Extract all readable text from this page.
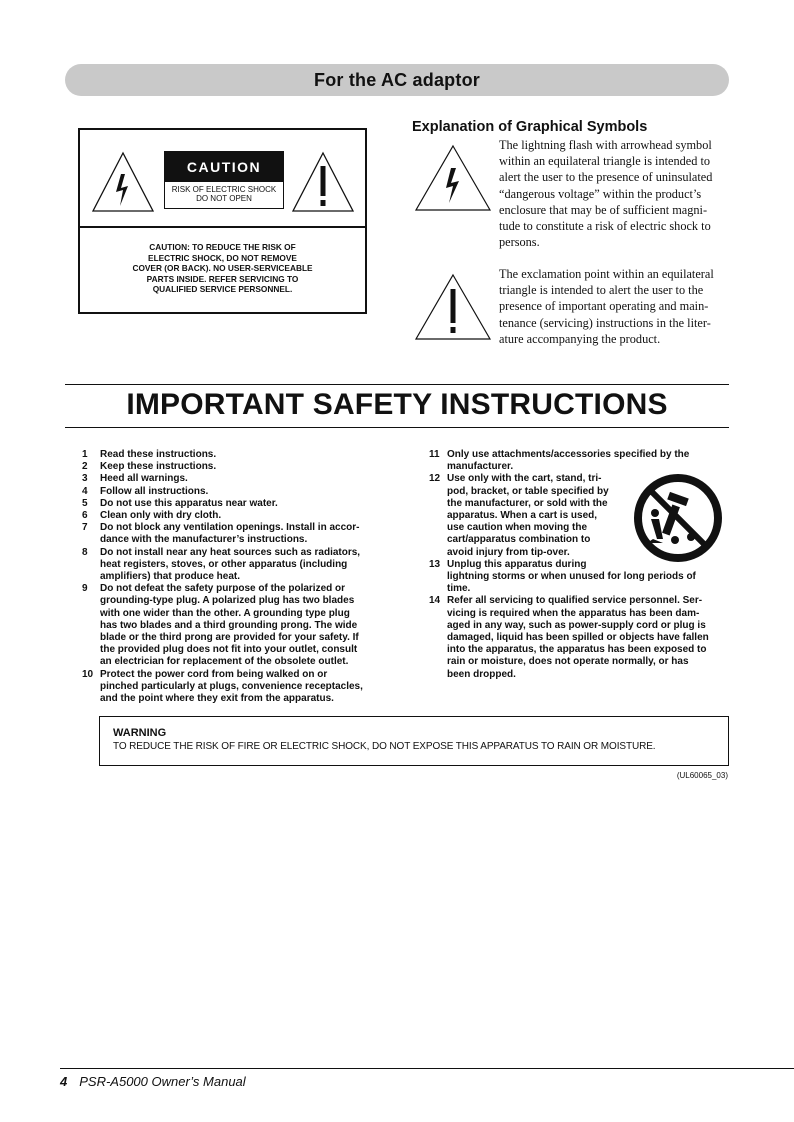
For the AC adaptor
CAUTION
RISK OF ELECTRIC SHOCK
DO NOT OPEN
CAUTION: TO REDUCE THE RISK OF
ELECTRIC SHOCK, DO NOT REMOVE
COVER (OR BACK). NO USER-SERVICEABLE
PARTS INSIDE. REFER SERVICING TO
QUALIFIED SERVICE PERSONNEL.
Explanation of Graphical Symbols
The lightning flash with arrowhead symbol
within an equilateral triangle is intended to
alert the user to the presence of uninsulated
“dangerous voltage” within the product’s
enclosure that may be of sufficient magni-
tude to constitute a risk of electric shock to
persons.
The exclamation point within an equilateral
triangle is intended to alert the user to the
presence of important operating and main-
tenance (servicing) instructions in the liter-
ature accompanying the product.
IMPORTANT SAFETY INSTRUCTIONS
1	Read these instructions.
2	Keep these instructions.
3	Heed all warnings.
4	Follow all instructions.
5	Do not use this apparatus near water.
6	Clean only with dry cloth.
7	Do not block any ventilation openings. Install in accor-
dance with the manufacturer’s instructions.
8	Do not install near any heat sources such as radiators,
heat registers, stoves, or other apparatus (including
amplifiers) that produce heat.
9	Do not defeat the safety purpose of the polarized or
grounding-type plug. A polarized plug has two blades
with one wider than the other. A grounding type plug
has two blades and a third grounding prong. The wide
blade or the third prong are provided for your safety. If
the provided plug does not fit into your outlet, consult
an electrician for replacement of the obsolete outlet.
10 Protect the power cord from being walked on or
pinched particularly at plugs, convenience receptacles,
and the point where they exit from the apparatus.
11 Only use attachments/accessories specified by the
manufacturer.
12 Use only with the cart, stand, tri-
pod, bracket, or table specified by
the manufacturer, or sold with the
apparatus. When a cart is used,
use caution when moving the
cart/apparatus combination to
avoid injury from tip-over.
13 Unplug this apparatus during
lightning storms or when unused for long periods of
time.
14 Refer all servicing to qualified service personnel. Ser-
vicing is required when the apparatus has been dam-
aged in any way, such as power-supply cord or plug is
damaged, liquid has been spilled or objects have fallen
into the apparatus, the apparatus has been exposed to
rain or moisture, does not operate normally, or has
been dropped.
WARNING
TO REDUCE THE RISK OF FIRE OR ELECTRIC SHOCK, DO NOT EXPOSE THIS APPARATUS TO RAIN OR MOISTURE.
(UL60065_03)
4 PSR-A5000 Owner’s Manual
